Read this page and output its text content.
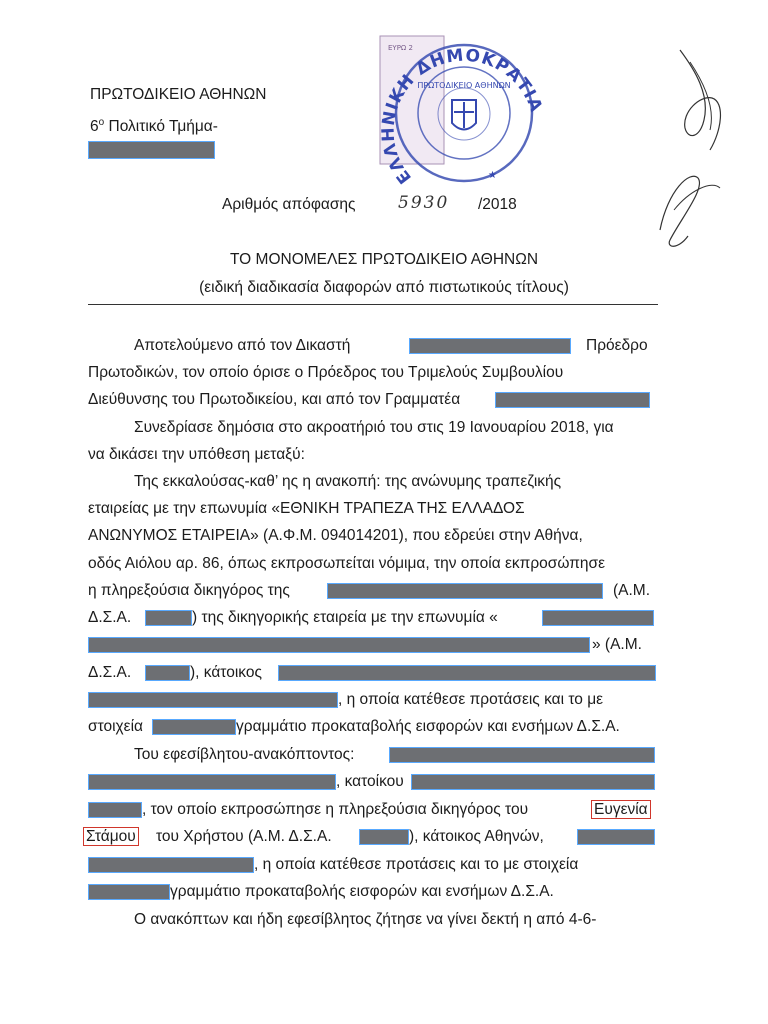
ΠΡΩΤΟΔΙΚΕΙΟ ΑΘΗΝΩΝ
$6^o$ Πολιτικό Τμήμα-
ΕΥΡΩ 2
ΕΛΛΗΝΙΚΗ ΔΗΜΟΚΡΑΤΙΑ
ΠΡΩΤΟΔΙΚΕΙΟ ΑΘΗΝΩΝ
★
Αριθμός απόφασης	5930 /2018
ΤΟ ΜΟΝΟΜΕΛΕΣ ΠΡΩΤΟΔΙΚΕΙΟ ΑΘΗΝΩΝ
(ειδική διαδικασία διαφορών από πιστωτικούς τίτλους)
Αποτελούμενο από τον Δικαστή	Πρόεδρο
Πρωτοδικών, τον οποίο όρισε ο Πρόεδρος του Τριμελούς Συμβουλίου
Διεύθυνσης του Πρωτοδικείου, και από τον Γραμματέα
Συνεδρίασε δημόσια στο ακροατήριό του στις 19 Ιανουαρίου 2018, για
να δικάσει την υπόθεση μεταξύ:
Της εκκαλούσας-καθ’ ης η ανακοπή: της ανώνυμης τραπεζικής
εταιρείας με την επωνυμία «ΕΘΝΙΚΗ ΤΡΑΠΕΖΑ ΤΗΣ ΕΛΛΑΔΟΣ
ΑΝΩΝΥΜΟΣ ΕΤΑΙΡΕΙΑ» (Α.Φ.Μ. 094014201), που εδρεύει στην Αθήνα,
οδός Αιόλου αρ. 86, όπως εκπροσωπείται νόμιμα, την οποία εκπροσώπησε
η πληρεξούσια δικηγόρος της	(Α.Μ.
Δ.Σ.Α.	) της δικηγορικής εταιρεία με την επωνυμία «
» (Α.Μ.
Δ.Σ.Α.	), κάτοικος
, η οποία κατέθεσε προτάσεις και το με
στοιχεία	γραμμάτιο προκαταβολής εισφορών και ενσήμων Δ.Σ.Α.
Του εφεσίβλητου-ανακόπτοντος:
, κατοίκου
, τον οποίο εκπροσώπησε η πληρεξούσια δικηγόρος του	Ευγενία
Στάμου του Χρήστου (Α.Μ. Δ.Σ.Α.	), κάτοικος Αθηνών,
, η οποία κατέθεσε προτάσεις και το με στοιχεία
γραμμάτιο προκαταβολής εισφορών και ενσήμων Δ.Σ.Α.
Ο ανακόπτων και ήδη εφεσίβλητος ζήτησε να γίνει δεκτή η από 4-6-
